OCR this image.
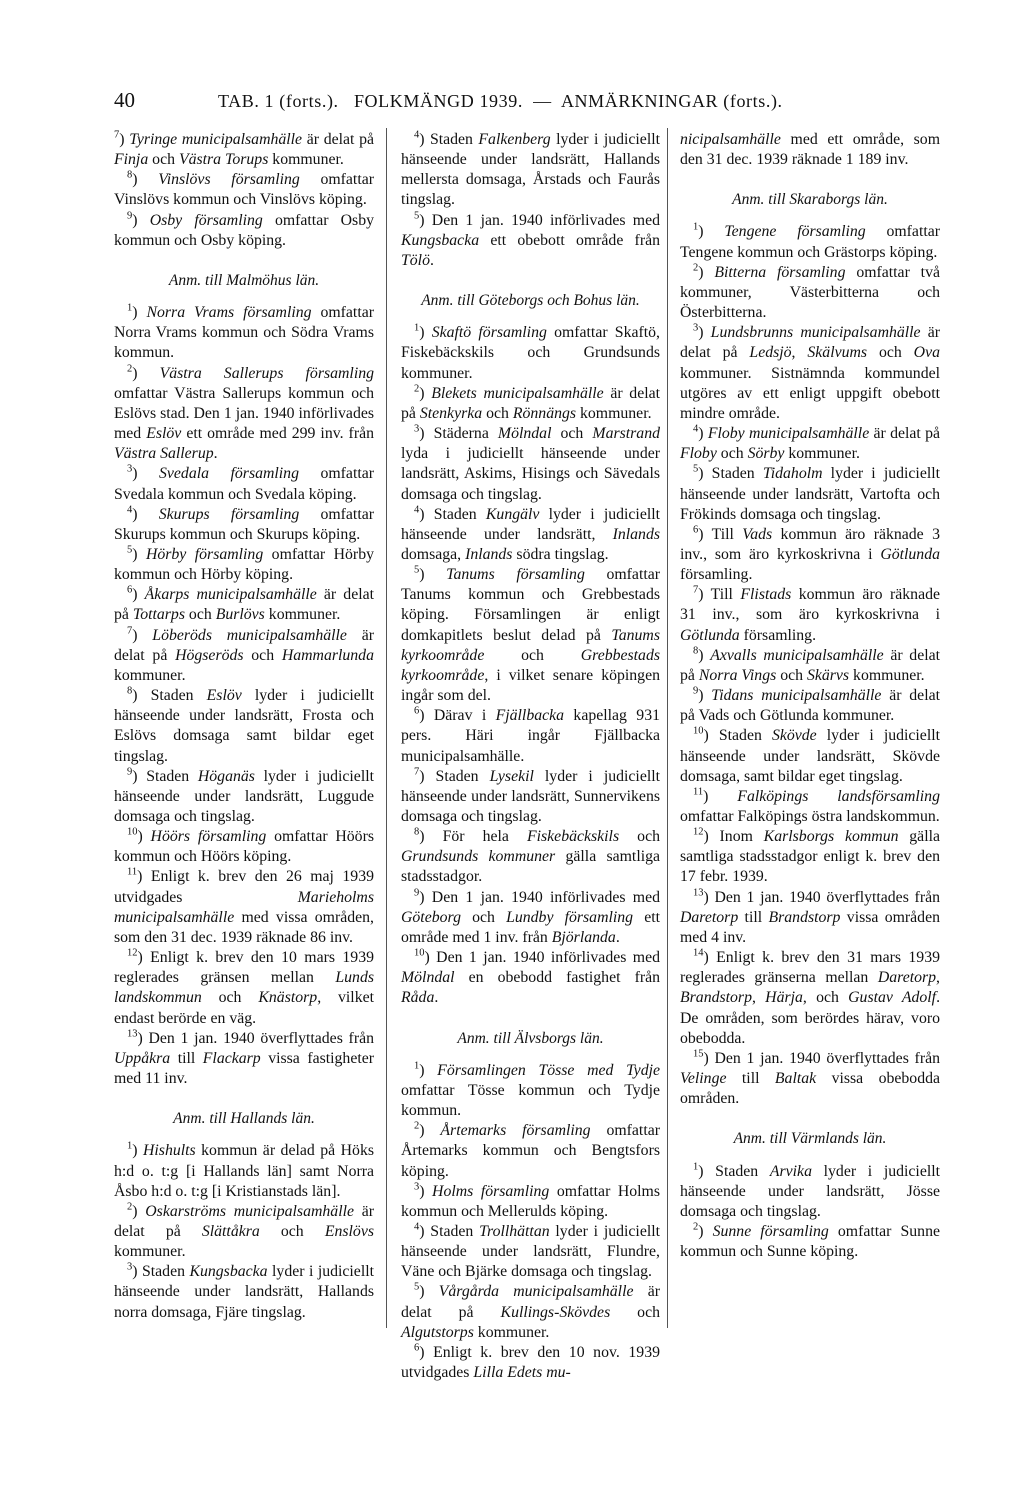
40	TAB. 1 (forts.).   FOLKMÄNGD 1939.  —  ANMÄRKNINGAR (forts.).

$^7$) Tyringe municipalsamhälle är delat på Finja och Västra Torups kommuner.

$^8$) Vinslövs församling omfattar Vinslövs kommun och Vinslövs köping.

$^9$) Osby församling omfattar Osby kommun och Osby köping.

Anm. till Malmöhus län.

$^1$) Norra Vrams församling omfattar Norra Vrams kommun och Södra Vrams kommun.

$^2$) Västra Sallerups församling omfattar Västra Sallerups kommun och Eslövs stad. Den 1 jan. 1940 införlivades med Eslöv ett område med 299 inv. från Västra Sallerup.

$^3$) Svedala församling omfattar Svedala kommun och Svedala köping.

$^4$) Skurups församling omfattar Skurups kommun och Skurups köping.

$^5$) Hörby församling omfattar Hörby kommun och Hörby köping.

$^6$) Åkarps municipalsamhälle är delat på Tottarps och Burlövs kommuner.

$^7$) Löberöds municipalsamhälle är delat på Högseröds och Hammarlunda kommuner.

$^8$) Staden Eslöv lyder i judiciellt hänseende under landsrätt, Frosta och Eslövs domsaga samt bildar eget tingslag.

$^9$) Staden Höganäs lyder i judiciellt hänseende under landsrätt, Luggude domsaga och tingslag.

$^{10}$) Höörs församling omfattar Höörs kommun och Höörs köping.

$^{11}$) Enligt k. brev den 26 maj 1939 utvidgades Marieholms municipalsamhälle med vissa områden, som den 31 dec. 1939 räknade 86 inv.

$^{12}$) Enligt k. brev den 10 mars 1939 reglerades gränsen mellan Lunds landskommun och Knästorp, vilket endast berörde en väg.

$^{13}$) Den 1 jan. 1940 överflyttades från Uppåkra till Flackarp vissa fastigheter med 11 inv.

Anm. till Hallands län.

$^1$) Hishults kommun är delad på Höks h:d o. t:g [i Hallands län] samt Norra Åsbo h:d o. t:g [i Kristianstads län].

$^2$) Oskarströms municipalsamhälle är delat på Slättåkra och Enslövs kommuner.

$^3$) Staden Kungsbacka lyder i judiciellt hänseende under landsrätt, Hallands norra domsaga, Fjäre tingslag.

$^4$) Staden Falkenberg lyder i judiciellt hänseende under landsrätt, Hallands mellersta domsaga, Årstads och Faurås tingslag.

$^5$) Den 1 jan. 1940 införlivades med Kungsbacka ett obebott område från Tölö.

Anm. till Göteborgs och Bohus län.

$^1$) Skaftö församling omfattar Skaftö, Fiskebäckskils och Grundsunds kommuner.

$^2$) Blekets municipalsamhälle är delat på Stenkyrka och Rönnängs kommuner.

$^3$) Städerna Mölndal och Marstrand lyda i judiciellt hänseende under landsrätt, Askims, Hisings och Sävedals domsaga och tingslag.

$^4$) Staden Kungälv lyder i judiciellt hänseende under landsrätt, Inlands domsaga, Inlands södra tingslag.

$^5$) Tanums församling omfattar Tanums kommun och Grebbestads köping. Församlingen är enligt domkapitlets beslut delad på Tanums kyrkoområde och Grebbestads kyrkoområde, i vilket senare köpingen ingår som del.

$^6$) Därav i Fjällbacka kapellag 931 pers. Häri ingår Fjällbacka municipalsamhälle.

$^7$) Staden Lysekil lyder i judiciellt hänseende under landsrätt, Sunnervikens domsaga och tingslag.

$^8$) För hela Fiskebäckskils och Grundsunds kommuner gälla samtliga stadsstadgor.

$^9$) Den 1 jan. 1940 införlivades med Göteborg och Lundby församling ett område med 1 inv. från Björlanda.

$^{10}$) Den 1 jan. 1940 införlivades med Mölndal en obebodd fastighet från Råda.

Anm. till Älvsborgs län.

$^1$) Församlingen Tösse med Tydje omfattar Tösse kommun och Tydje kommun.

$^2$) Årtemarks församling omfattar Årtemarks kommun och Bengtsfors köping.

$^3$) Holms församling omfattar Holms kommun och Mellerulds köping.

$^4$) Staden Trollhättan lyder i judiciellt hänseende under landsrätt, Flundre, Väne och Bjärke domsaga och tingslag.

$^5$) Vårgårda municipalsamhälle är delat på Kullings-Skövdes och Algutstorps kommuner.

$^6$) Enligt k. brev den 10 nov. 1939 utvidgades Lilla Edets mu-

nicipalsamhälle med ett område, som den 31 dec. 1939 räknade 1 189 inv.

Anm. till Skaraborgs län.

$^1$) Tengene församling omfattar Tengene kommun och Grästorps köping.

$^2$) Bitterna församling omfattar två kommuner, Västerbitterna och Österbitterna.

$^3$) Lundsbrunns municipalsamhälle är delat på Ledsjö, Skälvums och Ova kommuner. Sistnämnda kommundel utgöres av ett enligt uppgift obebott mindre område.

$^4$) Floby municipalsamhälle är delat på Floby och Sörby kommuner.

$^5$) Staden Tidaholm lyder i judiciellt hänseende under landsrätt, Vartofta och Frökinds domsaga och tingslag.

$^6$) Till Vads kommun äro räknade 3 inv., som äro kyrkoskrivna i Götlunda församling.

$^7$) Till Flistads kommun äro räknade 31 inv., som äro kyrkoskrivna i Götlunda församling.

$^8$) Axvalls municipalsamhälle är delat på Norra Vings och Skärvs kommuner.

$^9$) Tidans municipalsamhälle är delat på Vads och Götlunda kommuner.

$^{10}$) Staden Skövde lyder i judiciellt hänseende under landsrätt, Skövde domsaga, samt bildar eget tingslag.

$^{11}$) Falköpings landsförsamling omfattar Falköpings östra landskommun.

$^{12}$) Inom Karlsborgs kommun gälla samtliga stadsstadgor enligt k. brev den 17 febr. 1939.

$^{13}$) Den 1 jan. 1940 överflyttades från Daretorp till Brandstorp vissa områden med 4 inv.

$^{14}$) Enligt k. brev den 31 mars 1939 reglerades gränserna mellan Daretorp, Brandstorp, Härja, och Gustav Adolf. De områden, som berördes härav, voro obebodda.

$^{15}$) Den 1 jan. 1940 överflyttades från Velinge till Baltak vissa obebodda områden.

Anm. till Värmlands län.

$^1$) Staden Arvika lyder i judiciellt hänseende under landsrätt, Jösse domsaga och tingslag.

$^2$) Sunne församling omfattar Sunne kommun och Sunne köping.
